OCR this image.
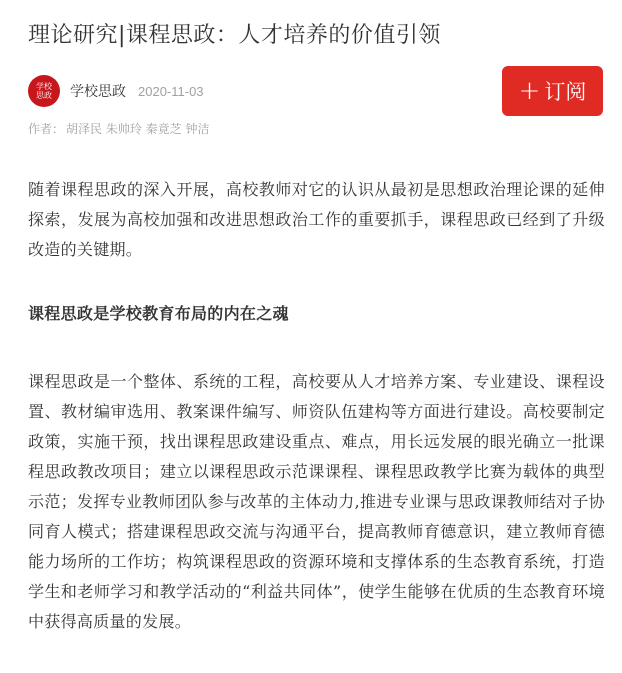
理论研究|课程思政：人才培养的价值引领
学校
思政 学校思政 2020-11-03	+ 订阅
作者： 胡泽民 朱帅玲 秦竟芝 钟洁

随着课程思政的深入开展，高校教师对它的认识从最初是思想政治理论课的延伸探索，发展为高校加强和改进思想政治工作的重要抓手，课程思政已经到了升级改造的关键期。

课程思政是学校教育布局的内在之魂

课程思政是一个整体、系统的工程，高校要从人才培养方案、专业建设、课程设置、教材编审选用、教案课件编写、师资队伍建构等方面进行建设。高校要制定政策，实施干预，找出课程思政建设重点、难点，用长远发展的眼光确立一批课程思政教改项目；建立以课程思政示范课课程、课程思政教学比赛为载体的典型示范；发挥专业教师团队参与改革的主体动力,推进专业课与思政课教师结对子协同育人模式；搭建课程思政交流与沟通平台，提高教师育德意识，建立教师育德能力场所的工作坊；构筑课程思政的资源环境和支撑体系的生态教育系统，打造学生和老师学习和教学活动的“利益共同体”，使学生能够在优质的生态教育环境中获得高质量的发展。
